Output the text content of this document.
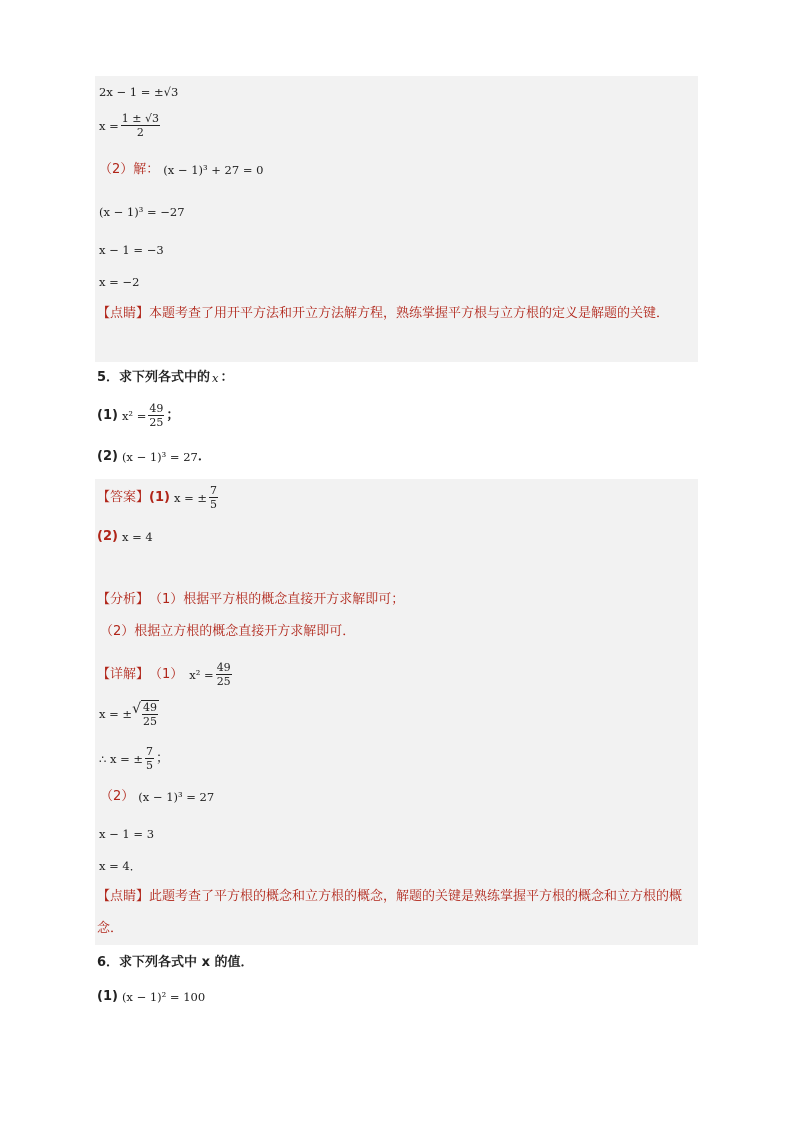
2x − 1 = ±√3
$x = \frac{1 \pm √3}{2}$
（2）解： (x − 1)³ + 27 = 0
(x − 1)³ = −27
x − 1 = −3
x = −2
【点睛】本题考查了用开平方法和开立方法解方程，熟练掌握平方根与立方根的定义是解题的关键．
5．求下列各式中的 x ：
(1) $x^2 = \frac{49}{25}$ ；
(2) (x − 1)³ = 27 ．
【答案】 (1) x = ± $\frac{7}{5}$
(2) x = 4
【分析】 （1）根据平方根的概念直接开方求解即可；
（2）根据立方根的概念直接开方求解即可．
【详解】 （1） $x^2 = \frac{49}{25}$
x = ± √ $\frac{49}{25}$
∴ x = ± $\frac{7}{5}$ ；
（2） (x − 1)³ = 27
x − 1 = 3
x = 4．
【点睛】此题考查了平方根的概念和立方根的概念，解题的关键是熟练掌握平方根的概念和立方根的概念．
6．求下列各式中 x 的值．
(1) (x − 1)² = 100
